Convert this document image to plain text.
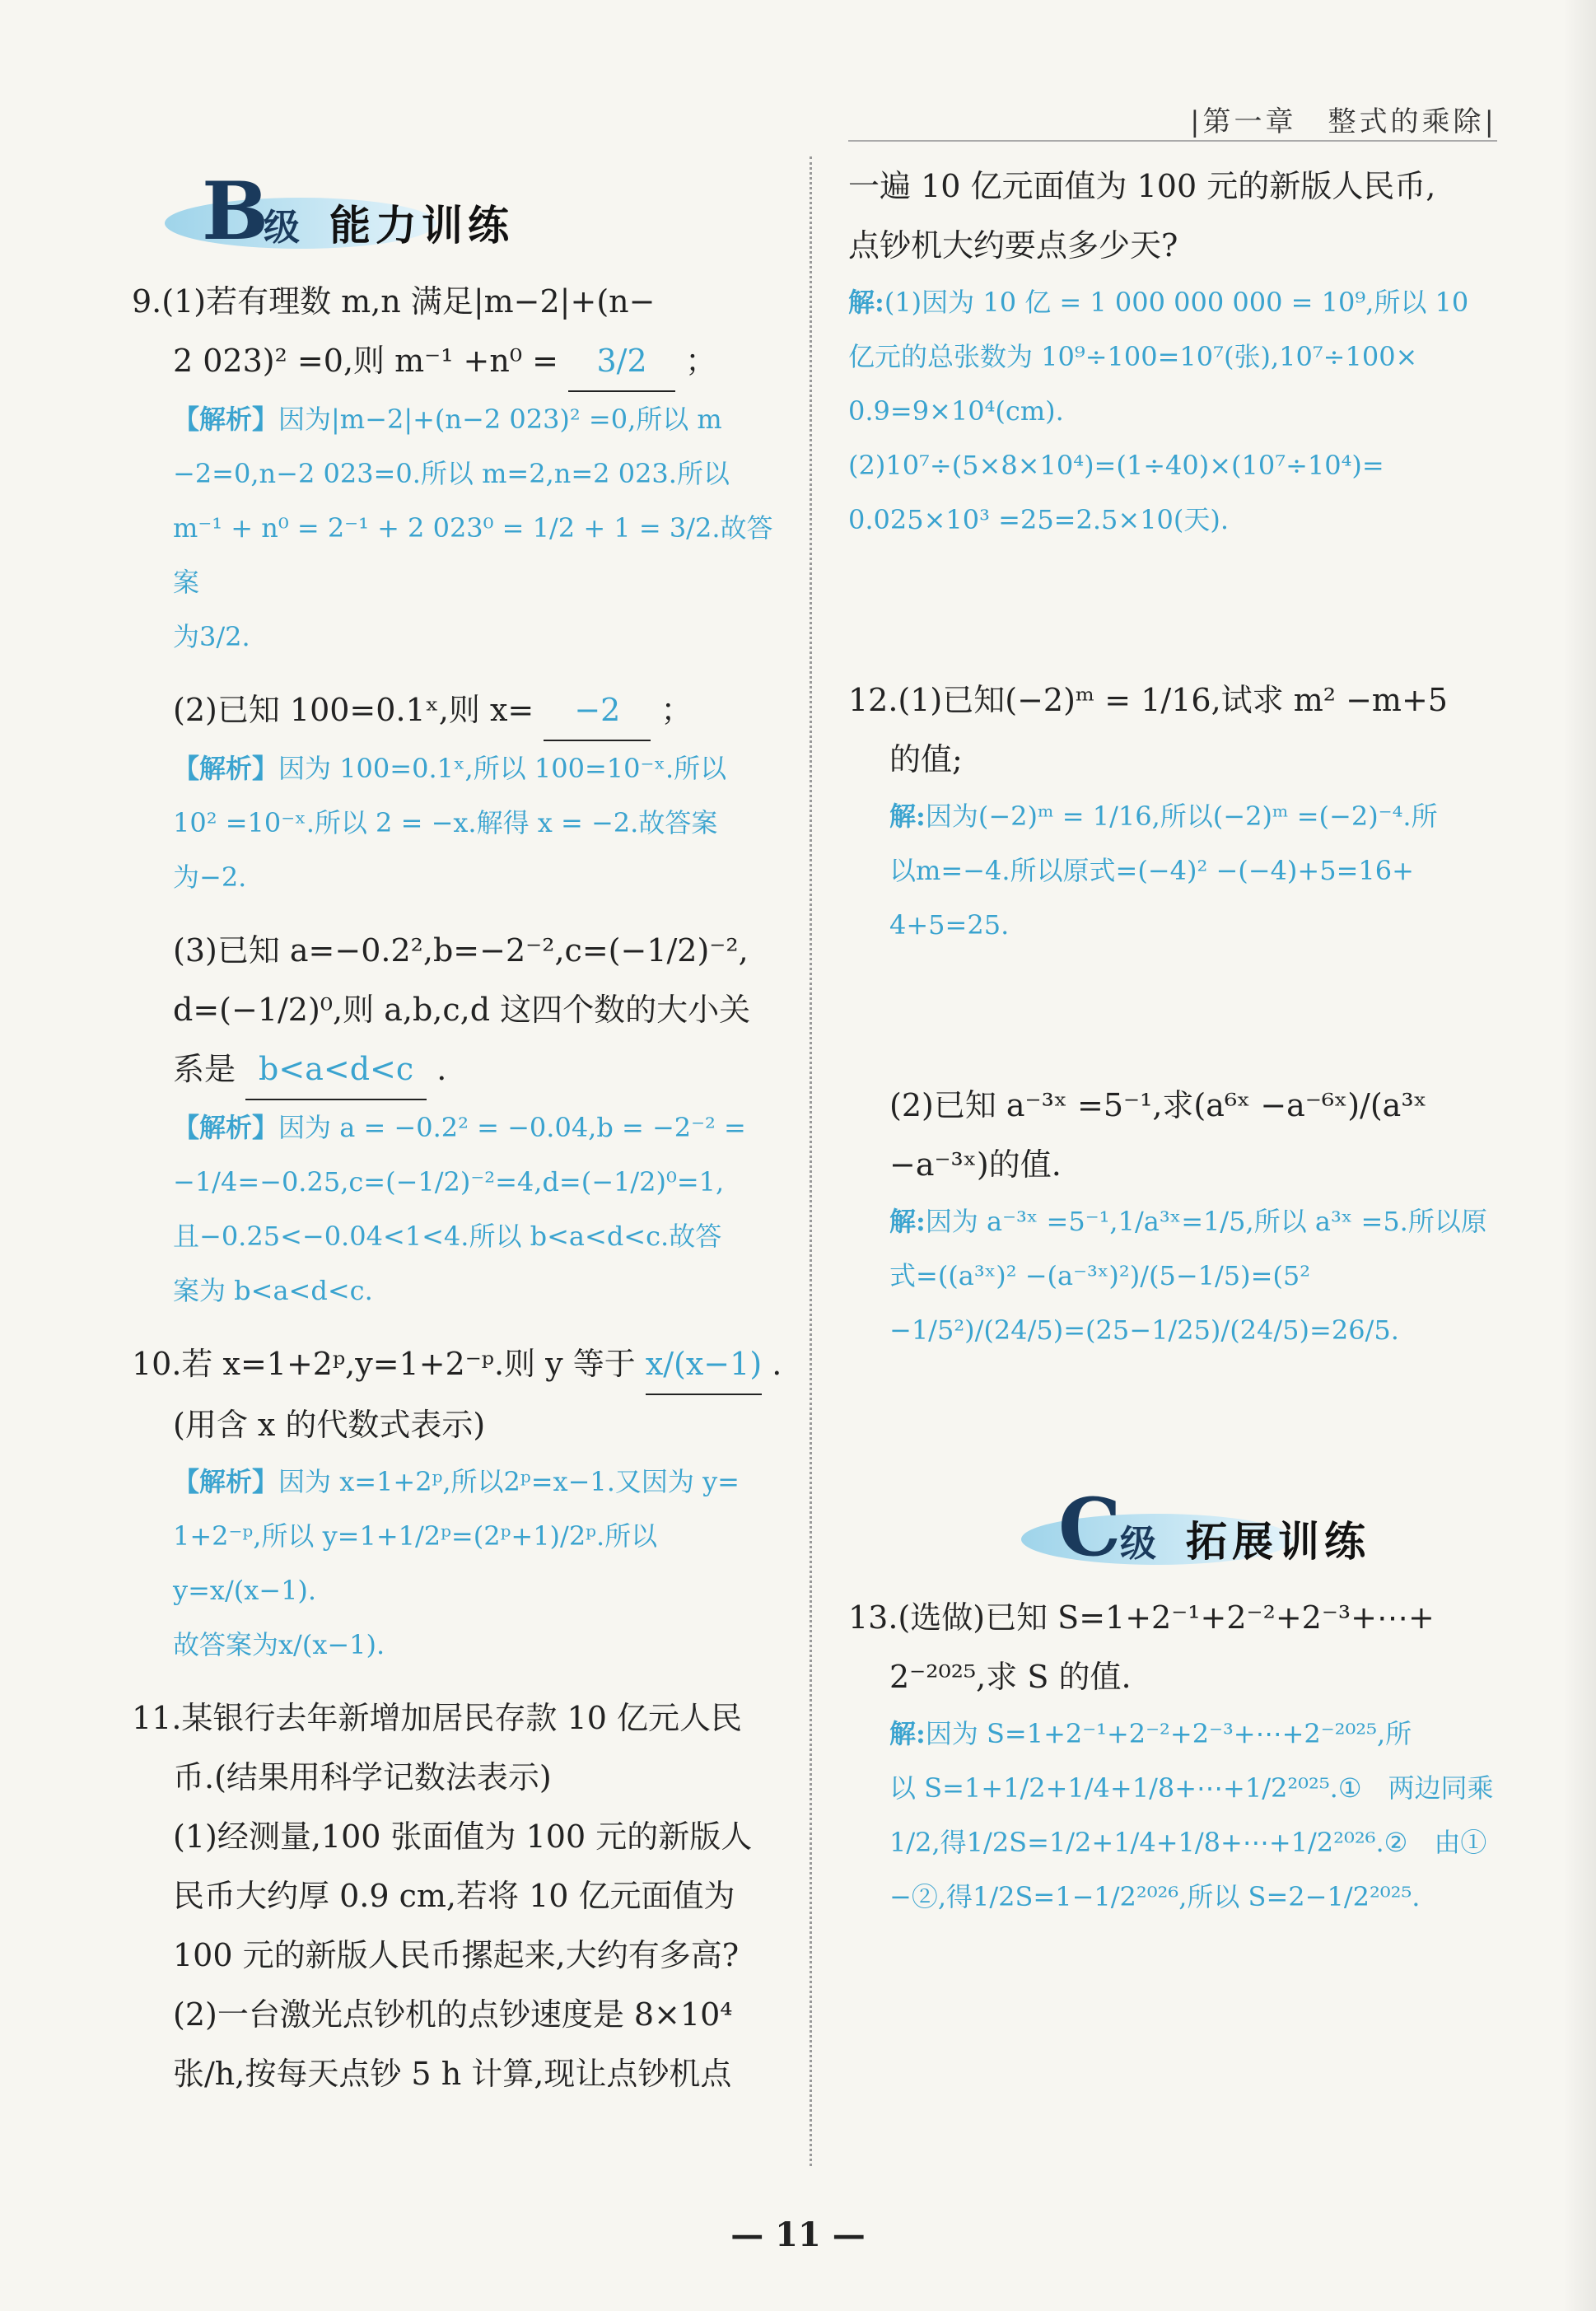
|第一章　整式的乘除|
B
级 能力训练

9.(1)若有理数 m,n 满足|m−2|+(n−

2 023)² =0,则 m⁻¹ +n⁰ = 3/2 ；

【解析】因为|m−2|+(n−2 023)² =0,所以 m

−2=0,n−2 023=0.所以 m=2,n=2 023.所以

m⁻¹ + n⁰ = 2⁻¹ + 2 023⁰ = 1/2 + 1 = 3/2.故答案

为3/2.

(2)已知 100=0.1ˣ,则 x= −2 ；

【解析】因为 100=0.1ˣ,所以 100=10⁻ˣ.所以

10² =10⁻ˣ.所以 2 = −x.解得 x = −2.故答案

为−2.

(3)已知 a=−0.2²,b=−2⁻²,c=(−1/2)⁻²,

d=(−1/2)⁰,则 a,b,c,d 这四个数的大小关

系是 b<a<d<c .

【解析】因为 a = −0.2² = −0.04,b = −2⁻² =

−1/4=−0.25,c=(−1/2)⁻²=4,d=(−1/2)⁰=1,

且−0.25<−0.04<1<4.所以 b<a<d<c.故答

案为 b<a<d<c.

10.若 x=1+2ᵖ,y=1+2⁻ᵖ.则 y 等于 x/(x−1) .

(用含 x 的代数式表示)

【解析】因为 x=1+2ᵖ,所以2ᵖ=x−1.又因为 y=

1+2⁻ᵖ,所以 y=1+1/2ᵖ=(2ᵖ+1)/2ᵖ.所以 y=x/(x−1).

故答案为x/(x−1).

11.某银行去年新增加居民存款 10 亿元人民

币.(结果用科学记数法表示)

(1)经测量,100 张面值为 100 元的新版人

民币大约厚 0.9 cm,若将 10 亿元面值为

100 元的新版人民币摞起来,大约有多高?

(2)一台激光点钞机的点钞速度是 8×10⁴

张/h,按每天点钞 5 h 计算,现让点钞机点

一遍 10 亿元面值为 100 元的新版人民币,

点钞机大约要点多少天?

解:(1)因为 10 亿 = 1 000 000 000 = 10⁹,所以 10

亿元的总张数为 10⁹÷100=10⁷(张),10⁷÷100×

0.9=9×10⁴(cm).

(2)10⁷÷(5×8×10⁴)=(1÷40)×(10⁷÷10⁴)=

0.025×10³ =25=2.5×10(天).

12.(1)已知(−2)ᵐ = 1/16,试求 m² −m+5

的值;

解:因为(−2)ᵐ = 1/16,所以(−2)ᵐ =(−2)⁻⁴.所

以m=−4.所以原式=(−4)² −(−4)+5=16+

4+5=25.

(2)已知 a⁻³ˣ =5⁻¹,求(a⁶ˣ −a⁻⁶ˣ)/(a³ˣ −a⁻³ˣ)的值.

解:因为 a⁻³ˣ =5⁻¹,1/a³ˣ=1/5,所以 a³ˣ =5.所以原

式=((a³ˣ)² −(a⁻³ˣ)²)/(5−1/5)=(5² −1/5²)/(24/5)=(25−1/25)/(24/5)=26/5.

C
级 拓展训练

13.(选做)已知 S=1+2⁻¹+2⁻²+2⁻³+⋯+

2⁻²⁰²⁵,求 S 的值.

解:因为 S=1+2⁻¹+2⁻²+2⁻³+⋯+2⁻²⁰²⁵,所

以 S=1+1/2+1/4+1/8+⋯+1/2²⁰²⁵.①　两边同乘

1/2,得1/2S=1/2+1/4+1/8+⋯+1/2²⁰²⁶.②　由①

−②,得1/2S=1−1/2²⁰²⁶,所以 S=2−1/2²⁰²⁵.

— 11 —
